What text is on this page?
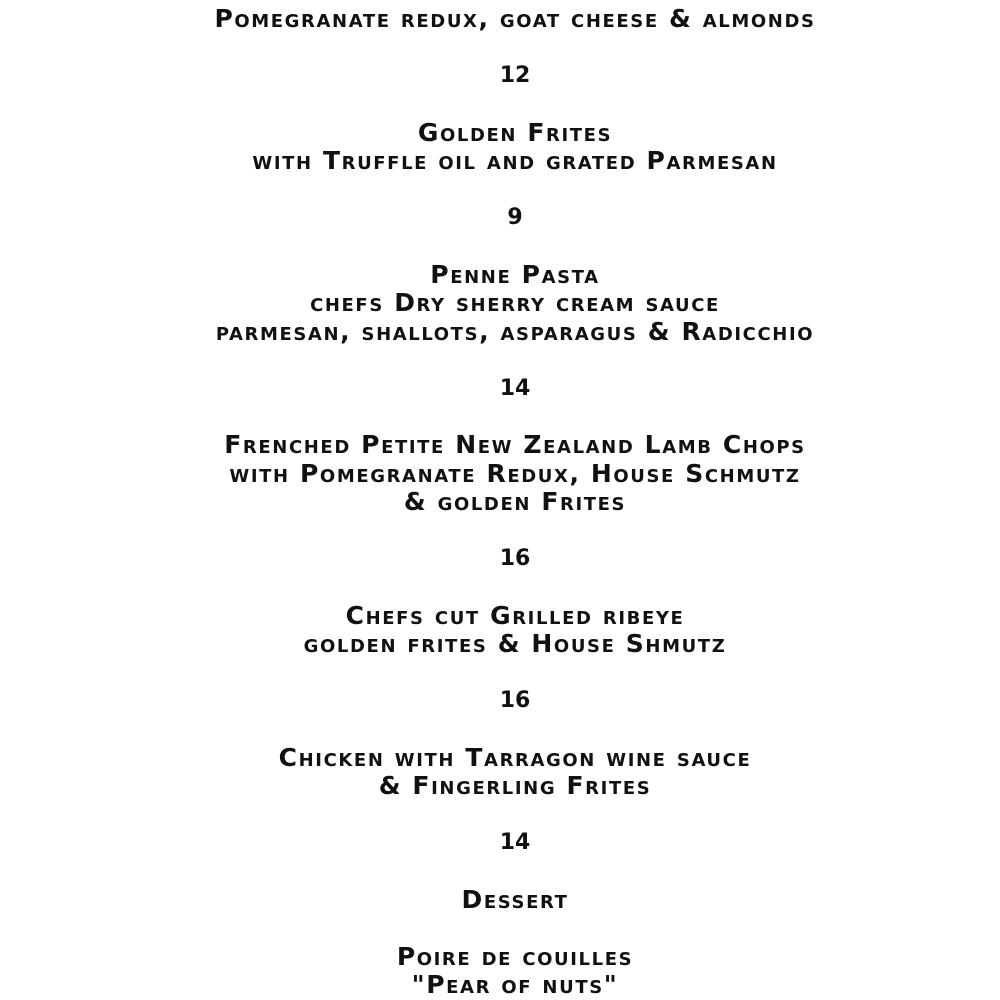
Pomegranate redux, goat cheese & almonds
12
Golden Frites
with Truffle oil and grated Parmesan
9
Penne Pasta
chefs Dry sherry cream sauce
parmesan, shallots, asparagus & Radicchio
14
Frenched Petite New Zealand Lamb Chops
with Pomegranate Redux, House Schmutz
& golden Frites
16
Chefs cut Grilled ribeye
golden frites & House Shmutz
16
Chicken with Tarragon wine sauce
& Fingerling Frites
14
Dessert
Poire de couilles
"Pear of nuts"
